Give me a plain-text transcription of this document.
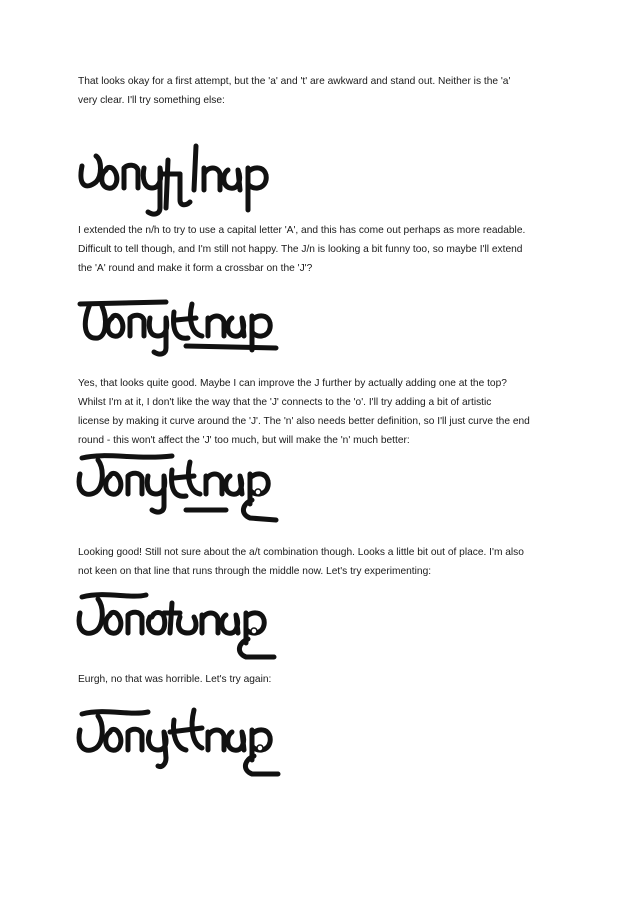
That looks okay for a first attempt, but the 'a' and 't' are awkward and stand out. Neither is the 'a'
very clear. I'll try something else:

I extended the n/h to try to use a capital letter 'A', and this has come out perhaps as more readable.
Difficult to tell though, and I'm still not happy. The J/n is looking a bit funny too, so maybe I'll extend
the 'A' round and make it form a crossbar on the 'J'?

Yes, that looks quite good. Maybe I can improve the J further by actually adding one at the top?
Whilst I'm at it, I don't like the way that the 'J' connects to the 'o'. I'll try adding a bit of artistic
license by making it curve around the 'J'. The 'n' also needs better definition, so I'll just curve the end
round - this won't affect the 'J' too much, but will make the 'n' much better:

Looking good! Still not sure about the a/t combination though. Looks a little bit out of place. I'm also
not keen on that line that runs through the middle now. Let's try experimenting:

Eurgh, no that was horrible. Let's try again:
